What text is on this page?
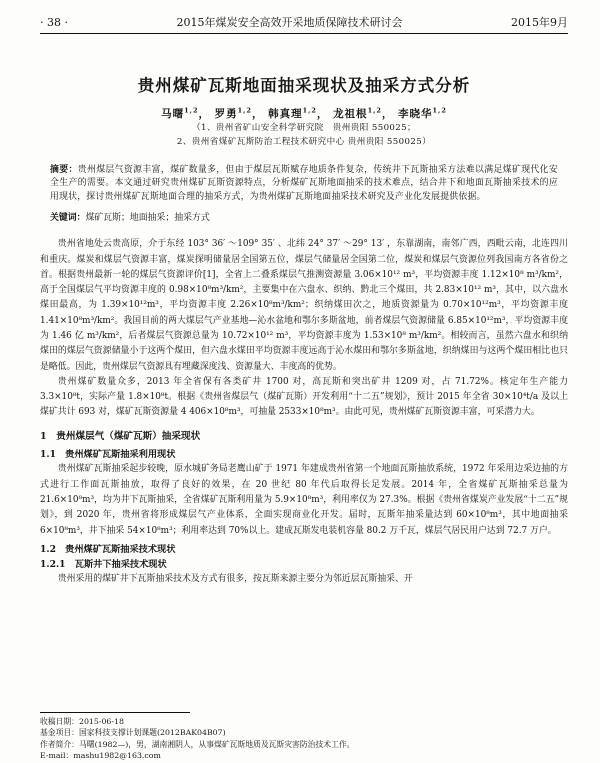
· 38 ·	2015年煤炭安全高效开采地质保障技术研讨会	2015年9月
贵州煤矿瓦斯地面抽采现状及抽采方式分析
马曙$^{1,2}$， 罗勇$^{1,2}$， 韩真理$^{1,2}$， 龙祖根$^{1,2}$， 李晓华$^{1,2}$
（1、贵州省矿山安全科学研究院　贵州贵阳 550025；
2、贵州省煤矿瓦斯防治工程技术研究中心 贵州贵阳 550025）
摘要：贵州煤层气资源丰富，煤矿数量多，但由于煤层瓦斯赋存地质条件复杂，传统井下瓦斯抽采方法难以满足煤矿现代化安全生产的需要。本文通过研究贵州煤矿瓦斯资源特点，分析煤矿瓦斯地面抽采的技术难点，结合井下和地面瓦斯抽采技术的应用现状，探讨贵州煤矿瓦斯地面合理的抽采方式，为贵州煤矿瓦斯地面抽采技术研究及产业化发展提供依据。
关键词：煤矿瓦斯；地面抽采；抽采方式

贵州省地处云贵高原，介于东经 103° 36′ ～109° 35′ 、北纬 24° 37′ ～29° 13′ ，东靠湖南，南邻广西，西毗云南，北连四川和重庆。煤炭和煤层气资源丰富，煤炭探明储量居全国第五位，煤层气储量居全国第二位，煤炭和煤层气资源位列我国南方各省份之首。根据贵州最新一轮的煤层气资源评价[1]，全省上二叠系煤层气推测资源量 3.06×10¹² m³，平均资源丰度 1.12×10⁸ m³/km²，高于全国煤层气平均资源丰度的 0.98×10⁸m³/km²，主要集中在六盘水、织纳、黔北三个煤田，共 2.83×10¹² m³，其中，以六盘水煤田最高，为 1.39×10¹²m³，平均资源丰度 2.26×10⁸m³/km²；织纳煤田次之，地质资源量为 0.70×10¹²m³，平均资源丰度 1.41×10⁸m³/km²。我国目前的两大煤层气产业基地—沁水盆地和鄂尔多斯盆地，前者煤层气资源储量 6.85×10¹²m³，平均资源丰度为 1.46 亿 m³/km²，后者煤层气资源总量为 10.72×10¹² m³，平均资源丰度为 1.53×10⁸ m³/km²。相较而言，虽然六盘水和织纳煤田的煤层气资源储量小于这两个煤田，但六盘水煤田平均资源丰度远高于沁水煤田和鄂尔多斯盆地，织纳煤田与这两个煤田相比也只是略低。因此，贵州煤层气资源具有埋藏深度浅、资源量大、丰度高的优势。

贵州煤矿数量众多，2013 年全省保有各类矿井 1700 对，高瓦斯和突出矿井 1209 对，占 71.72%。核定年生产能力 3.3×10⁸t，实际产量 1.8×10⁸t。根据《贵州省煤层气（煤矿瓦斯）开发利用“十二五”规划》，预计 2015 年全省 30×10⁴t/a 及以上煤矿共计 693 对，煤矿瓦斯资源量 4 406×10⁸m³，可抽量 2533×10⁸m³。由此可见，贵州煤矿瓦斯资源丰富，可采潜力大。

1　贵州煤层气（煤矿瓦斯）抽采现状
1.1　贵州煤矿瓦斯抽采利用现状

贵州煤矿瓦斯抽采起步较晚，原水城矿务局老鹰山矿于 1971 年建成贵州省第一个地面瓦斯抽放系统，1972 年采用边采边抽的方式进行工作面瓦斯抽放，取得了良好的效果，在 20 世纪 80 年代后取得长足发展。2014 年，全省煤矿瓦斯抽采总量为 21.6×10⁸m³，均为井下瓦斯抽采，全省煤矿瓦斯利用量为 5.9×10⁸m³，利用率仅为 27.3%。根据《贵州省煤炭产业发展“十二五”规划》，到 2020 年，贵州省将形成煤层气产业体系，全面实现商业化开发。届时，瓦斯年抽采量达到 60×10⁸m³，其中地面抽采 6×10⁸m³，井下抽采 54×10⁸m³；利用率达到 70%以上。建成瓦斯发电装机容量 80.2 万千瓦，煤层气居民用户达到 72.7 万户。

1.2　贵州煤矿瓦斯抽采技术现状
1.2.1　瓦斯井下抽采技术现状

贵州采用的煤矿井下瓦斯抽采技术及方式有很多，按瓦斯来源主要分为邻近层瓦斯抽采、开

收稿日期：2015-06-18
基金项目：国家科技支撑计划课题(2012BAK04B07)
作者简介：马曙(1982—)，男，湖南湘阴人，从事煤矿瓦斯地质及瓦斯灾害防治技术工作。
E-mail：mashu1982@163.com
